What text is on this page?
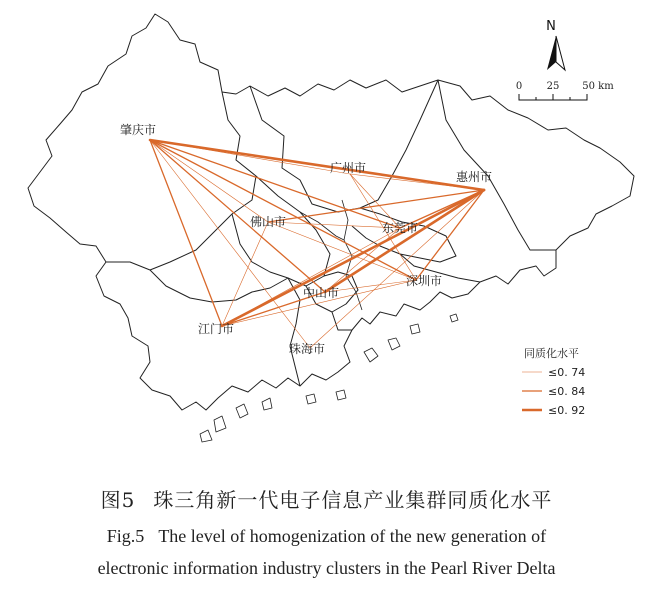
肇庆市
广州市
惠州市
佛山市	东莞市
深圳市
中山市
江门市
珠海市
N
0 25 50 km
同质化水平
≤0. 74
≤0. 84
≤0. 92
图5 珠三角新一代电子信息产业集群同质化水平
Fig.5 The level of homogenization of the new generation of
electronic information industry clusters in the Pearl River Delta
